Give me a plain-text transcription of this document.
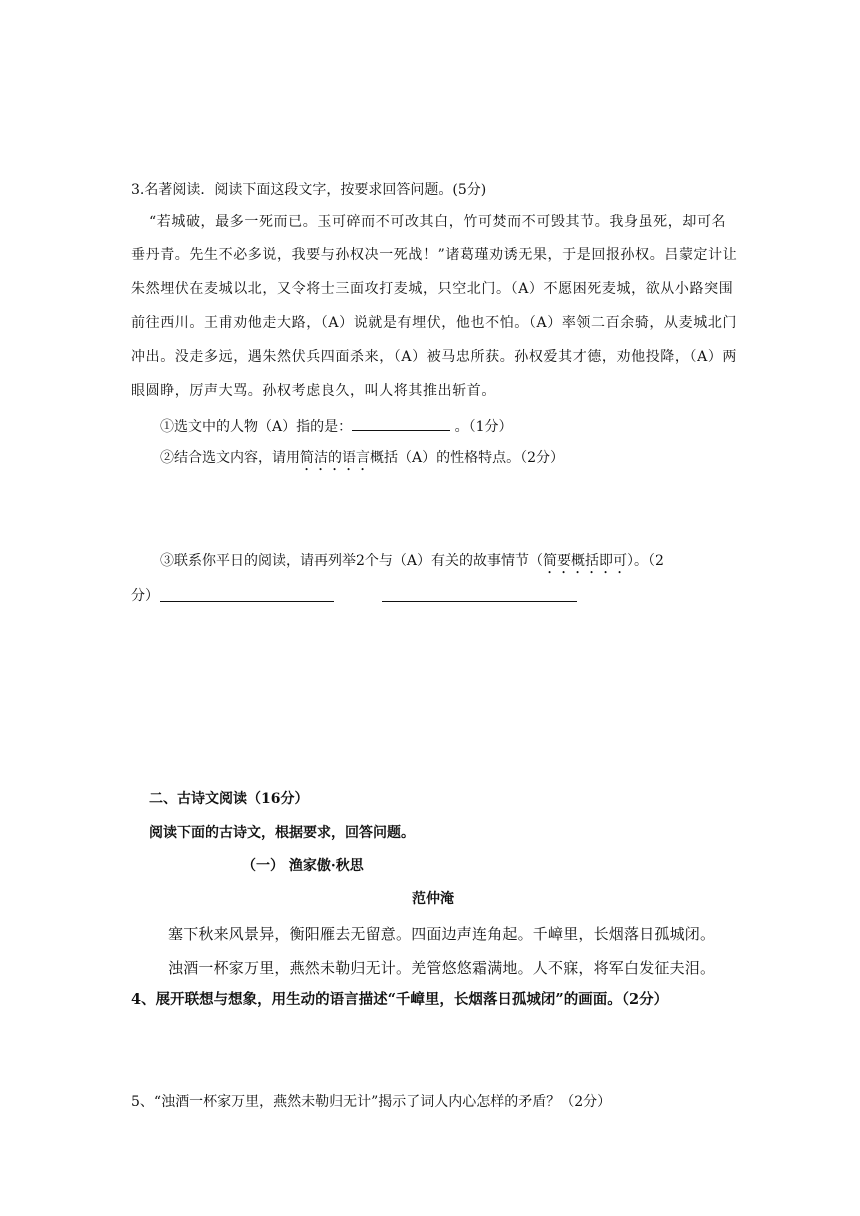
3.名著阅读．阅读下面这段文字，按要求回答问题。(5分)
“若城破，最多一死而已。玉可碎而不可改其白，竹可焚而不可毁其节。我身虽死，却可名
垂丹青。先生不必多说，我要与孙权决一死战！”诸葛瑾劝诱无果，于是回报孙权。吕蒙定计让
朱然埋伏在麦城以北，又令将士三面攻打麦城，只空北门。（A）不愿困死麦城，欲从小路突围
前往西川。王甫劝他走大路，（A）说就是有埋伏，他也不怕。（A）率领二百余骑，从麦城北门
冲出。没走多远，遇朱然伏兵四面杀来，（A）被马忠所获。孙权爱其才德，劝他投降，（A）两
眼圆睁，厉声大骂。孙权考虑良久，叫人将其推出斩首。
①选文中的人物（A）指的是：	。（1分）
②结合选文内容，请用简洁的语言概括（A）的性格特点。（2分）
③联系你平日的阅读，请再列举2个与（A）有关的故事情节（简要概括即可）。（2
分）
二、古诗文阅读（16分）
阅读下面的古诗文，根据要求，回答问题。
（一） 渔家傲·秋思
范仲淹
塞下秋来风景异，衡阳雁去无留意。四面边声连角起。千嶂里，长烟落日孤城闭。
浊酒一杯家万里，燕然未勒归无计。羌管悠悠霜满地。人不寐，将军白发征夫泪。
4、展开联想与想象，用生动的语言描述“千嶂里，长烟落日孤城闭”的画面。（2分）
5、“浊酒一杯家万里，燕然未勒归无计”揭示了词人内心怎样的矛盾？（2分）
